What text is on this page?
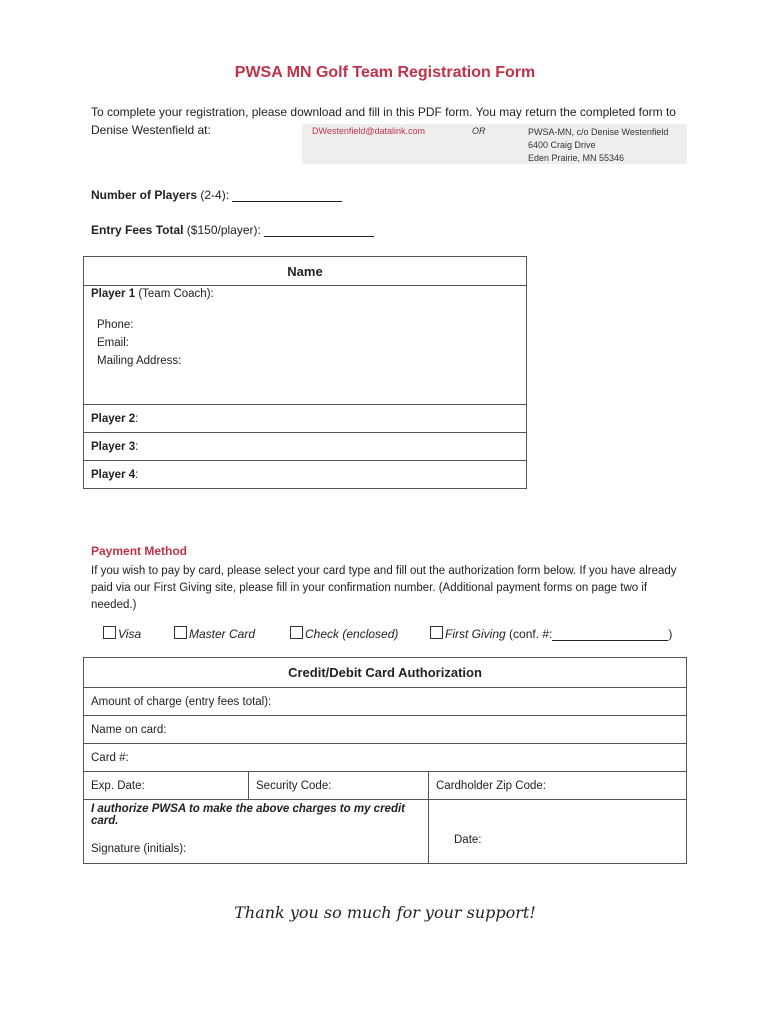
PWSA MN Golf Team Registration Form
To complete your registration, please download and fill in this PDF form. You may return the completed form to
Denise Westenfield at:	DWestenfield@datalink.com	OR	PWSA-MN, c/o Denise Westenfield
6400 Craig Drive
Eden Prairie, MN 55346
Number of Players (2-4):
Entry Fees Total ($150/player):
Name

Player 1 (Team Coach):
Phone:
Email:
Mailing Address:

Player 2:
Player 3:
Player 4:
Payment Method
If you wish to pay by card, please select your card type and fill out the authorization form below. If you have already paid via our First Giving site, please fill in your confirmation number. (Additional payment forms on page two if needed.)
Visa	Master Card	Check (enclosed)	First Giving (conf. #:	)
Credit/Debit Card Authorization		
Amount of charge (entry fees total):		
Name on card:		
Card #:		
Exp. Date:	Security Code:	Cardholder Zip Code:

I authorize PWSA to make the above charges to my credit card.
Signature (initials):		Date:
Thank you so much for your support!
